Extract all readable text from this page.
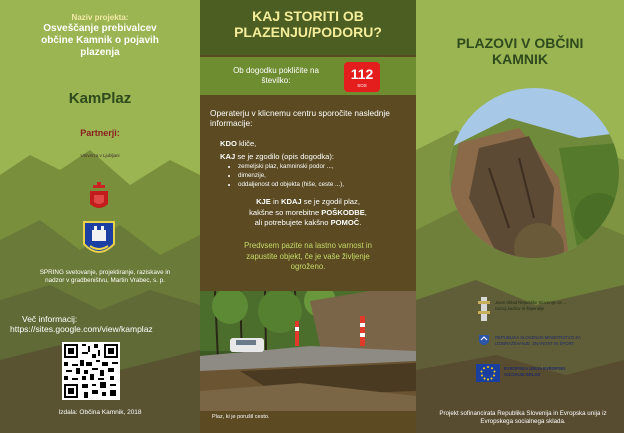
Naziv projekta:
Osveščanje prebivalcev občine Kamnik o pojavih plazenja
KamPlaz
Partnerji:
Univerza v Ljubljani
SPRING svetovanje, projektiranje, raziskave in nadzor v gradbeništvu, Martin Vrabec, s. p.
Več informacij:
https://sites.google.com/view/kamplaz
Izdala: Občina Kamnik, 2018
KAJ STORITI OB PLAZENJU/PODORU?
Ob dogodku pokličite na številko:	112
SOS
Operaterju v klicnemu centru sporočite naslednje informacije:
KDO kliče,
KAJ se je zgodilo (opis dogodka):
• zemeljski plaz, kamninski podor ...,
• dimenzije,
• oddaljenost od objekta (hiše, ceste ...),
KJE in KDAJ se je zgodil plaz,
kakšne so morebitne POŠKODBE,
ali potrebujete kakšno POMOČ.
Predvsem pazite na lastno varnost in zapustite objekt, če je vaše življenje ogroženo.
Plaz, ki je porušil cesto.
PLAZOVI V OBČINI KAMNIK
Javni Sklad Republike Slovenije za ... razvoj kadrov in štipendije
REPUBLIKA SLOVENIJA MINISTRSTVO ZA IZOBRAŽEVANJE, ZNANOST IN ŠPORT
EVROPSKA UNIJA EVROPSKI SOCIALNI SKLAD
Projekt sofinancirata Republika Slovenija in Evropska unija iz Evropskega socialnega sklada.
